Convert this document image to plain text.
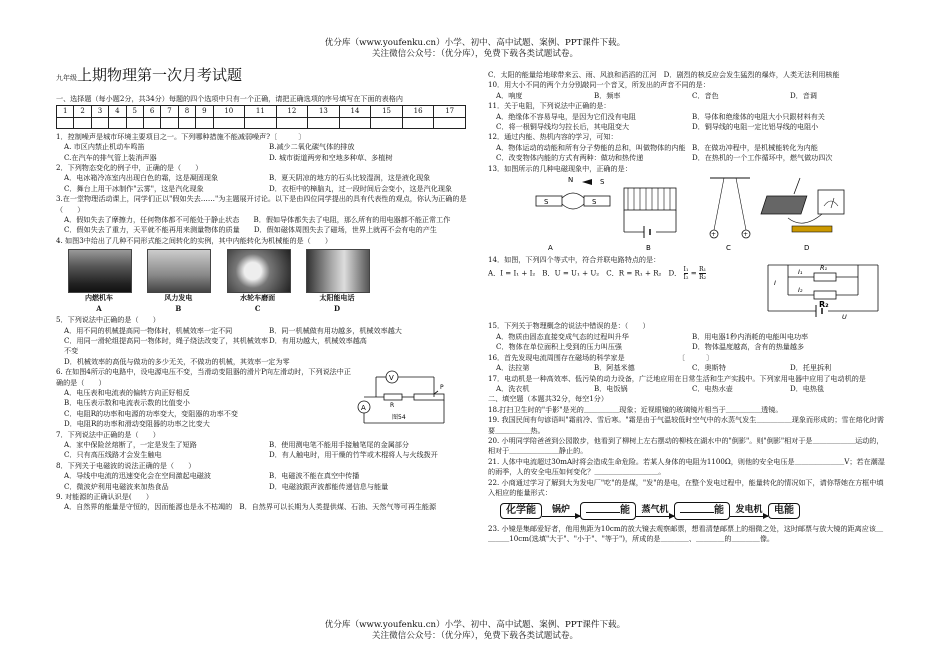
优分库（www.youfenku.cn）小学、初中、高中试题、案例、PPT课件下载。
关注微信公众号：（优分库），免费下载各类试题试卷。
九年级上期物理第一次月考试题

一、选择题（每小题2分，共34分）每题的四个选项中只有一个正确，请把正确选项的序号填写在下面的表格内

1	2	3	4	5	6	7	8	9	10	11	12	13	14	15	16	17

1．控制噪声是城市环境主要项目之一。下列哪种措施不能减弱噪声?〔　　　〕

A. 市区内禁止机动车鸣笛	B.减少二氧化碳气体的排放
C.在汽车的排气管上装消声器	D. 城市街道两旁和空地多种草、多植树

2．下列物态变化的例子中，正确的是（　　）

A．电冰箱冷冻室内出现白色的霜，这是凝固现象	B．夏天阴凉的地方的石头比较湿润，这是液化现象
C．舞台上用干冰制作"云雾"，这是汽化现象	D．衣柜中的樟脑丸，过一段时间后会变小，这是汽化现象

3.在一堂物理活动课上，同学们正以"假如失去……"为主题展开讨论。以下是由四位同学提出的具有代表性的观点，你认为正确的是（　　）

A．假如失去了摩擦力，任何物体都不可能处于静止状态　　B．假如导体都失去了电阻，那么所有的用电器都不能正常工作
C．假如失去了重力，天平就不能再用来测量物体的质量　　D．假如磁体周围失去了磁场，世界上就再不会有电的产生

4. 如图3中给出了几种不同形式能之间转化的实例，其中内能转化为机械能的是（　　）

内燃机车
A
风力发电
B
水轮车磨面
C
太阳能电话
D

5．下列说法中正确的是（　　）

A．用不同的机械提高同一物体时，机械效率一定不同	B．同一机械做有用功越多，机械效率越大
C．用同一滑轮组提高同一物体时，绳子绕法改变了，其机械效率不变
D．有用功越大，机械效率越高
D．机械效率的高低与做功的多少无关，不做功的机械，其效率一定为零

6. 在如图4所示的电路中，设电源电压不变，当滑动变阻器的滑片P向左滑动时，下列说法中正确的是（　　）

A．电压表和电流表的偏转方向正好相反
B．电压表示数和电流表示数的比值变小
C．电阻R的功率和电源的功率变大，变阻器的功率不变
D．电阻R的功率和滑动变阻器的功率之比变大
V
R
P
A
图54

7．下列说法中正确的是（　　）

A．家中保险丝熔断了，一定是发生了短路	B．使用测电笔不能用手接触笔尾的金属部分
C．只有高压线路才会发生触电	D．有人触电时，用干燥的竹竿或木棍将人与火线拨开

8．下列关于电磁波的说法正确的是（　　）

A．导线中电流的迅速变化会在空间激起电磁波	B．电磁波不能在真空中传播
C．微波炉利用电磁波来加热食品	D．电磁波跟声波都能传递信息与能量

9. 对能源的正确认识是(　　）

A．自然界的能量是守恒的，因而能源也是永不枯竭的　B．自然界可以长期为人类提供煤、石油、天然气等可再生能源

C．太阳的能量给地球带来云、雨、风浪和滔滔的江河　D．剧烈的核反应会发生猛烈的爆炸，人类无法利用核能

10．用大小不同的两个力分别敲同一个音叉，所发出的声音不同的是：

A．响度	B．频率	C．音色	D．音调

11．关于电阻，下列说法中正确的是：

A．绝缘体不容易导电，是因为它们没有电阻	B．导体和绝缘体的电阻大小只跟材料有关
C．将一根铜导线均匀拉长后，其电阻变大	D．铜导线的电阻一定比铝导线的电阻小

12．通过内能、热机内容的学习，可知：

A．物体运动的动能和所有分子势能的总和，叫做物体的内能 B．在做功冲程中，是机械能转化为内能
C．改变物体内能的方式有两种：做功和热传递	D．在热机的一个工作循环中，燃气做功四次

13．如图所示的几种电磁现象中，正确的是：

S	S
N	S
+	+
A	B	C	D

14．如图，下列四个等式中，符合并联电路特点的是：

A．I = I₁ + I₂　B．U = U₁ + U₂　C．R = R₁ + R₂　D． $\frac{\text{I₁}}{\text{I₂}} = \frac{\text{R₁}}{\text{R₂}}$

I
I₁
I₂
R₁
R₂
U

15．下列关于物理概念的说法中错误的是：（　　）

A．物质由固态直接变成气态的过程叫升华	B．用电器1秒内消耗的电能叫电功率
C．物体在单位面积上受到的压力叫压强	D．物体温度越高，含有的热量越多

16．首先发现电流周围存在磁场的科学家是　　　　　　　　〔　　　〕

A．法拉第	B．阿基米德	C．奥斯特	D．托里拆利

17．电动机是一种高效率、低污染的动力设备，广泛地应用在日常生活和生产实践中。下列家用电器中应用了电动机的是

A．洗衣机	B．电饭锅	C．电热水壶	D．电热毯

二、填空题（本题共32分，每空1分）

18.打扫卫生时的"手影"是光的＿＿＿＿＿现象；近视眼镜的玻璃镜片相当于＿＿＿＿＿透镜。

19. 我国民间有句谚语叫"霜前冷、雪后寒。"霜是由于气温较低时空气中的水蒸气发生＿＿＿＿＿现象而形成的；雪在熔化时需要＿＿＿＿＿热。

20. 小明同学陪爸爸到公园散步，他看到了柳树上左右摆动的柳枝在湖水中的"倒影"。则"倒影"相对于是＿＿＿＿＿＿运动的，相对于＿＿＿＿＿＿＿静止的。

21. 人体中电流超过30mA时将会造成生命危险。若某人身体的电阻为1100Ω，则他的安全电压是＿＿＿＿＿＿＿V；若在潮湿的雨季，人的安全电压如何变化？＿＿＿＿＿＿＿＿＿。

22. 小商通过学习了解到大为发电厂"吃"的是煤，"发"的是电，在整个发电过程中，能量转化的情况如下，请你帮她在方框中填入相应的能量形式：

化学能	锅炉	能	蒸气机	能	发电机	电能

23. 小镜是集邮爱好者，他用焦距为10cm的放大镜去观察邮票，想看清楚邮票上的细微之处，这时邮票与放大镜的距离应该＿＿＿＿10cm(选填"大于"、"小于"、"等于")，所成的是＿＿＿＿、＿＿＿＿的＿＿＿＿像。

优分库（www.youfenku.cn）小学、初中、高中试题、案例、PPT课件下载。
关注微信公众号：（优分库），免费下载各类试题试卷。
